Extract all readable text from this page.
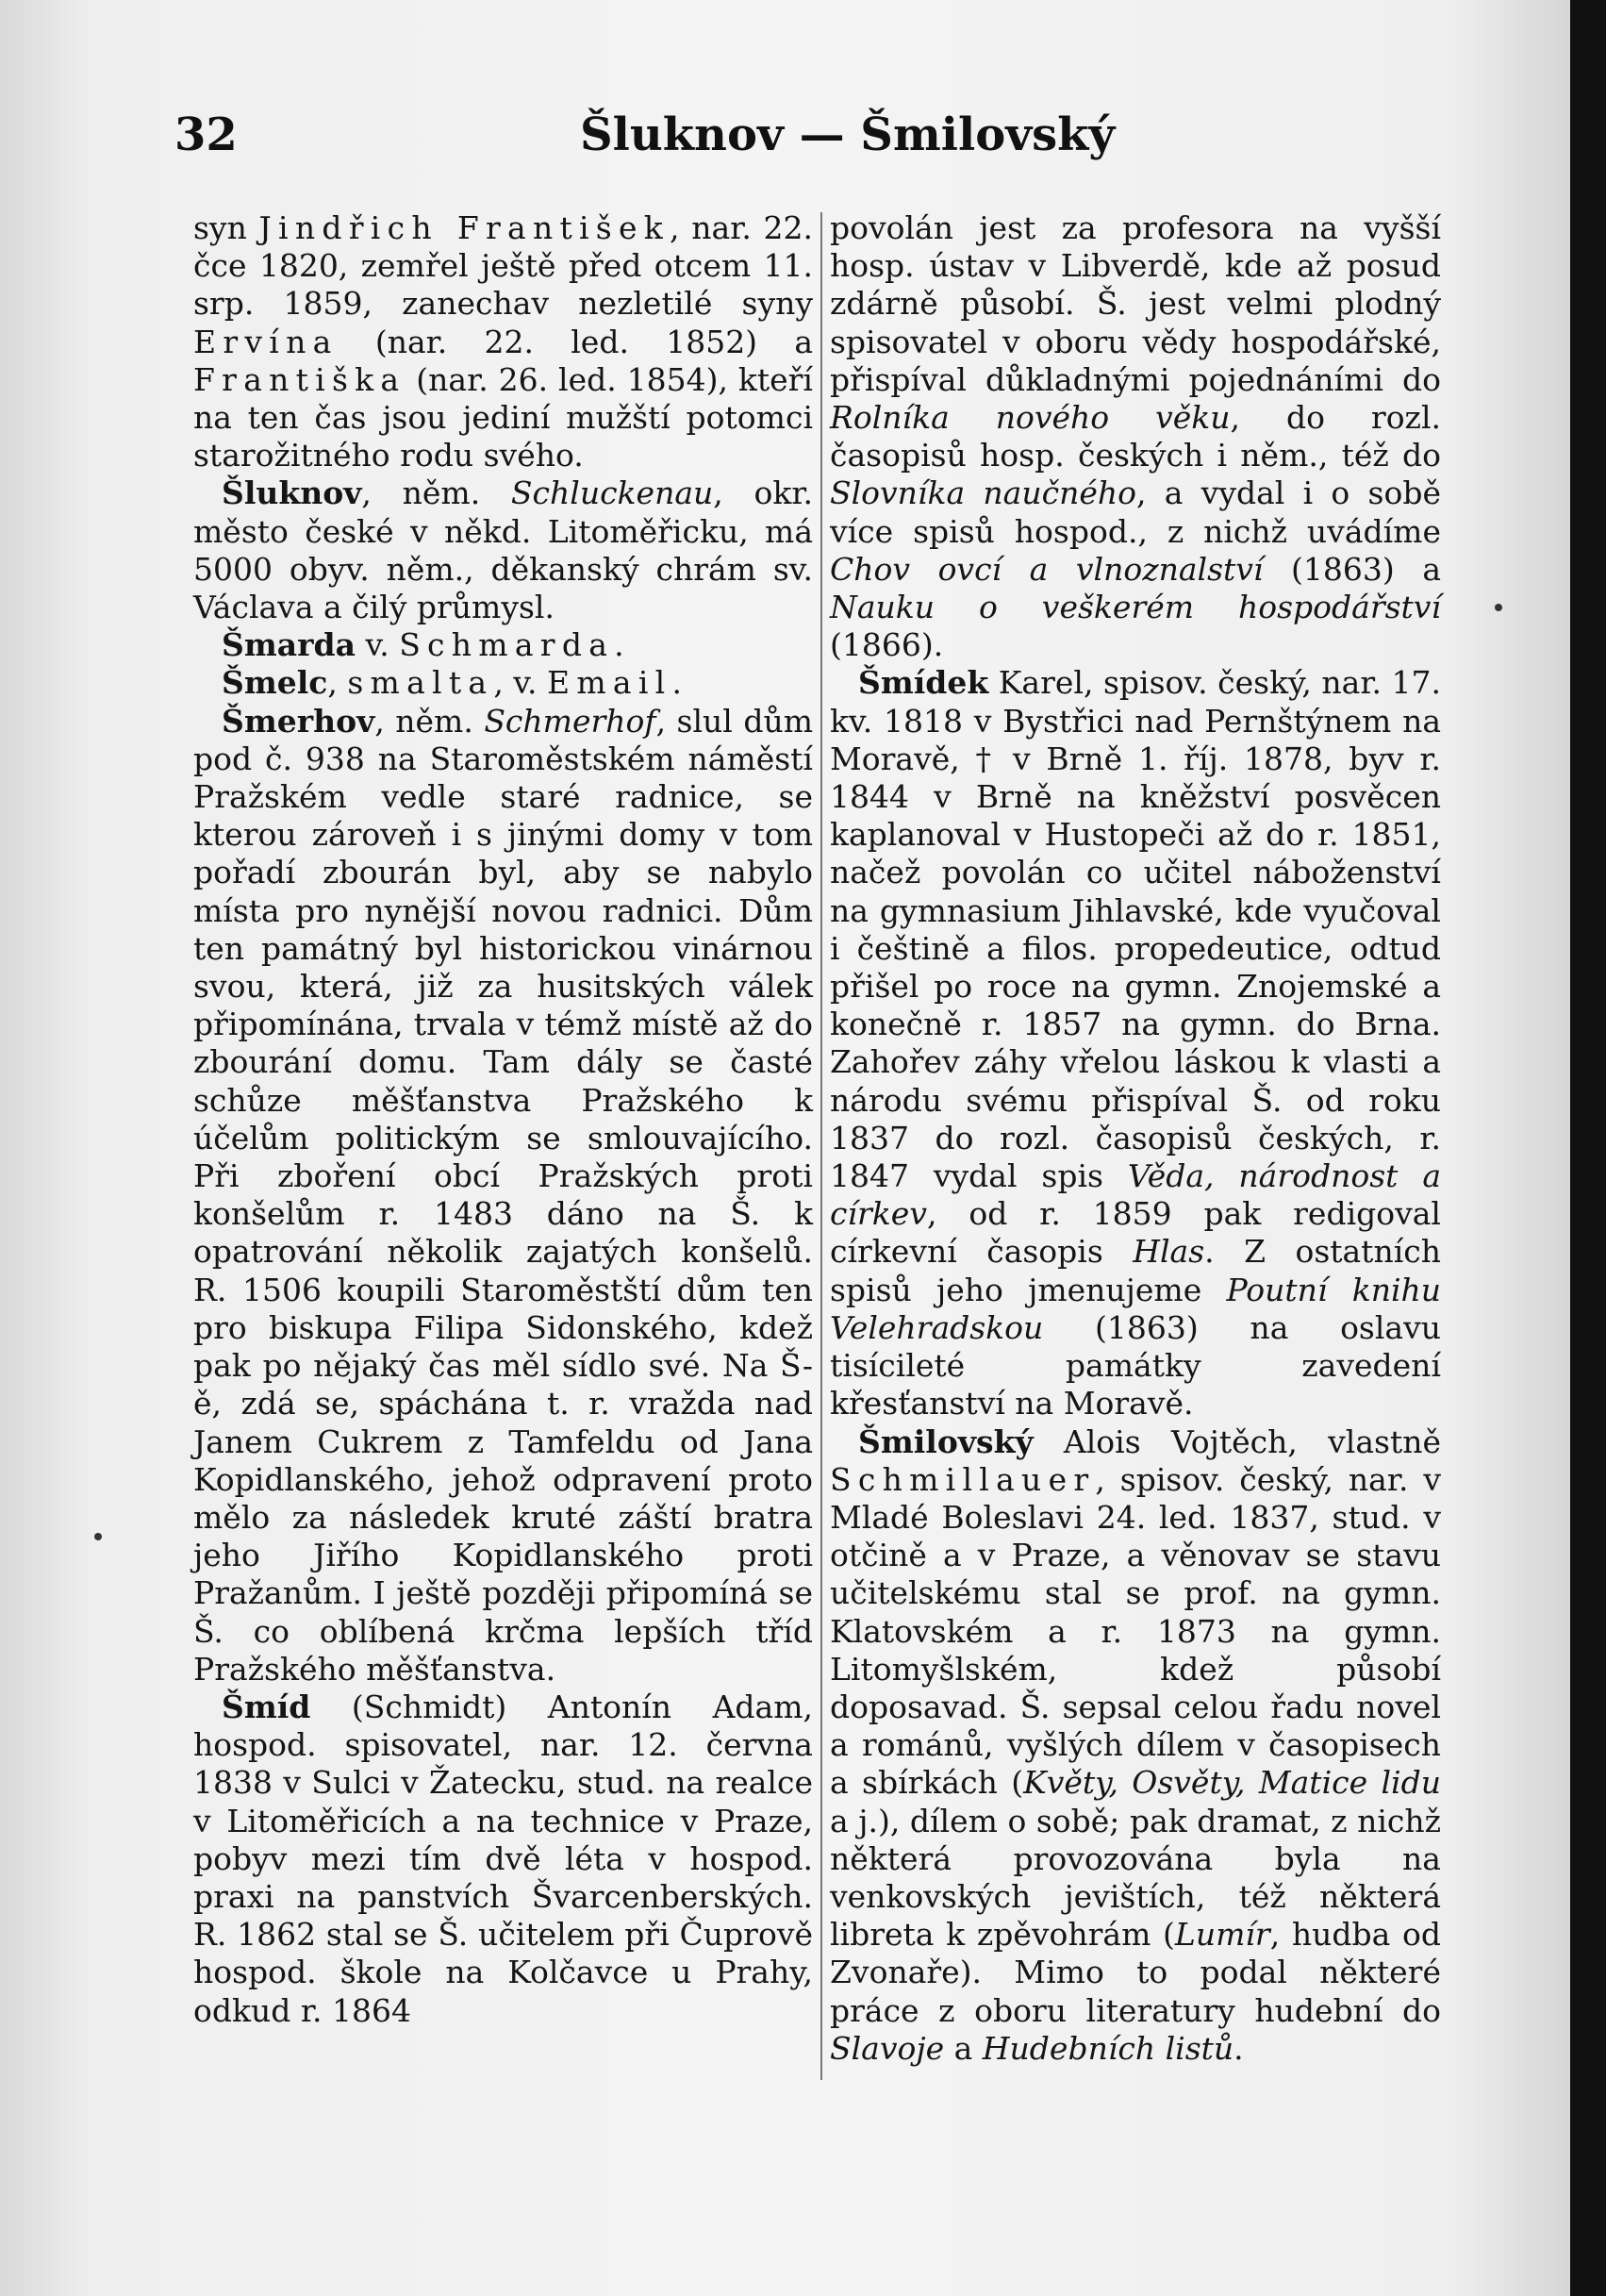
32	Šluknov — Šmilovský

syn Jindřich František, nar. 22. čce 1820, zemřel ještě před otcem 11. srp. 1859, zanechav nezletilé syny Ervína (nar. 22. led. 1852) a Františka (nar. 26. led. 1854), kteří na ten čas jsou jediní mužští potomci starožitného rodu svého.

Šluknov, něm. Schluckenau, okr. město české v někd. Litoměřicku, má 5000 obyv. něm., děkanský chrám sv. Václava a čilý průmysl.

Šmarda v. Schmarda.

Šmelc, smalta, v. Email.

Šmerhov, něm. Schmerhof, slul dům pod č. 938 na Staroměstském náměstí Pražském vedle staré radnice, se kterou zároveň i s jinými domy v tom pořadí zbourán byl, aby se nabylo místa pro nynější novou radnici. Dům ten památný byl historickou vinárnou svou, která, již za husitských válek připomínána, trvala v témž místě až do zbourání domu. Tam dály se časté schůze měšťanstva Pražského k účelům politickým se smlouvajícího. Při zboření obcí Pražských proti konšelům r. 1483 dáno na Š. k opatrování několik zajatých konšelů. R. 1506 koupili Staroměstští dům ten pro biskupa Filipa Sidonského, kdež pak po nějaký čas měl sídlo své. Na Š-ě, zdá se, spáchána t. r. vražda nad Janem Cukrem z Tamfeldu od Jana Kopidlanského, jehož odpravení proto mělo za následek kruté záští bratra jeho Jiřího Kopidlanského proti Pražanům. I ještě později připomíná se Š. co oblíbená krčma lepších tříd Pražského měšťanstva.

Šmíd (Schmidt) Antonín Adam, hospod. spisovatel, nar. 12. června 1838 v Sulci v Žatecku, stud. na realce v Litoměřicích a na technice v Praze, pobyv mezi tím dvě léta v hospod. praxi na panstvích Švarcenberských. R. 1862 stal se Š. učitelem při Čuprově hospod. škole na Kolčavce u Prahy, odkud r. 1864

povolán jest za profesora na vyšší hosp. ústav v Libverdě, kde až posud zdárně působí. Š. jest velmi plodný spisovatel v oboru vědy hospodářské, přispíval důkladnými pojednáními do Rolníka nového věku, do rozl. časopisů hosp. českých i něm., též do Slovníka naučného, a vydal i o sobě více spisů hospod., z nichž uvádíme Chov ovcí a vlnoznalství (1863) a Nauku o veškerém hospodářství (1866).

Šmídek Karel, spisov. český, nar. 17. kv. 1818 v Bystřici nad Pernštýnem na Moravě, † v Brně 1. říj. 1878, byv r. 1844 v Brně na kněžství posvěcen kaplanoval v Hustopeči až do r. 1851, načež povolán co učitel náboženství na gymnasium Jihlavské, kde vyučoval i češtině a filos. propedeutice, odtud přišel po roce na gymn. Znojemské a konečně r. 1857 na gymn. do Brna. Zahořev záhy vřelou láskou k vlasti a národu svému přispíval Š. od roku 1837 do rozl. časopisů českých, r. 1847 vydal spis Věda, národnost a církev, od r. 1859 pak redigoval církevní časopis Hlas. Z ostatních spisů jeho jmenujeme Poutní knihu Velehradskou (1863) na oslavu tisícileté památky zavedení křesťanství na Moravě.

Šmilovský Alois Vojtěch, vlastně Schmillauer, spisov. český, nar. v Mladé Boleslavi 24. led. 1837, stud. v otčině a v Praze, a věnovav se stavu učitelskému stal se prof. na gymn. Klatovském a r. 1873 na gymn. Litomyšlském, kdež působí doposavad. Š. sepsal celou řadu novel a románů, vyšlých dílem v časopisech a sbírkách (Květy, Osvěty, Matice lidu a j.), dílem o sobě; pak dramat, z nichž některá provozována byla na venkovských jevištích, též některá libreta k zpěvohrám (Lumír, hudba od Zvonaře). Mimo to podal některé práce z oboru literatury hudební do Slavoje a Hudebních listů.
